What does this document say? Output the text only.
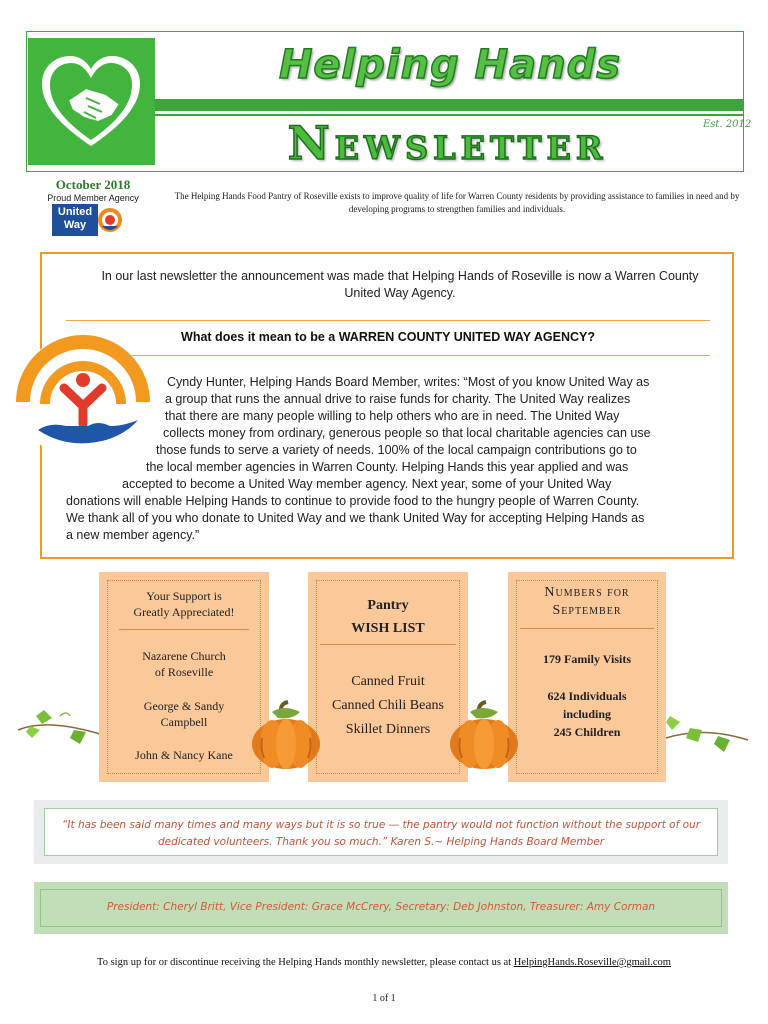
Helping Hands
Newsletter	Est. 2012
October 2018
Proud Member Agency
United
Way
The Helping Hands Food Pantry of Roseville exists to improve quality of life for Warren County residents by providing assistance to families in need and by developing programs to strengthen families and individuals.
In our last newsletter the announcement was made that Helping Hands of Roseville is now a Warren County United Way Agency.
What does it mean to be a WARREN COUNTY UNITED WAY AGENCY?
Cyndy Hunter, Helping Hands Board Member, writes: “Most of you know United Way as
a group that runs the annual drive to raise funds for charity. The United Way realizes
that there are many people willing to help others who are in need. The United Way
collects money from ordinary, generous people so that local charitable agencies can use
those funds to serve a variety of needs. 100% of the local campaign contributions go to
the local member agencies in Warren County. Helping Hands this year applied and was
accepted to become a United Way member agency. Next year, some of your United Way
donations will enable Helping Hands to continue to provide food to the hungry people of Warren County.
We thank all of you who donate to United Way and we thank United Way for accepting Helping Hands as
a new member agency.”
Your Support is
Greatly Appreciated!
Nazarene Church
of Roseville
George & Sandy
Campbell
John & Nancy Kane
Pantry
WISH LIST
Canned Fruit
Canned Chili Beans
Skillet Dinners
Numbers for
September
179 Family Visits
624 Individuals
including
245 Children
“It has been said many times and many ways but it is so true — the pantry would not function without the support of our dedicated volunteers. Thank you so much.” Karen S.~ Helping Hands Board Member
President: Cheryl Britt, Vice President: Grace McCrery, Secretary: Deb Johnston, Treasurer: Amy Corman
To sign up for or discontinue receiving the Helping Hands monthly newsletter, please contact us at HelpingHands.Roseville@gmail.com
1 of 1
